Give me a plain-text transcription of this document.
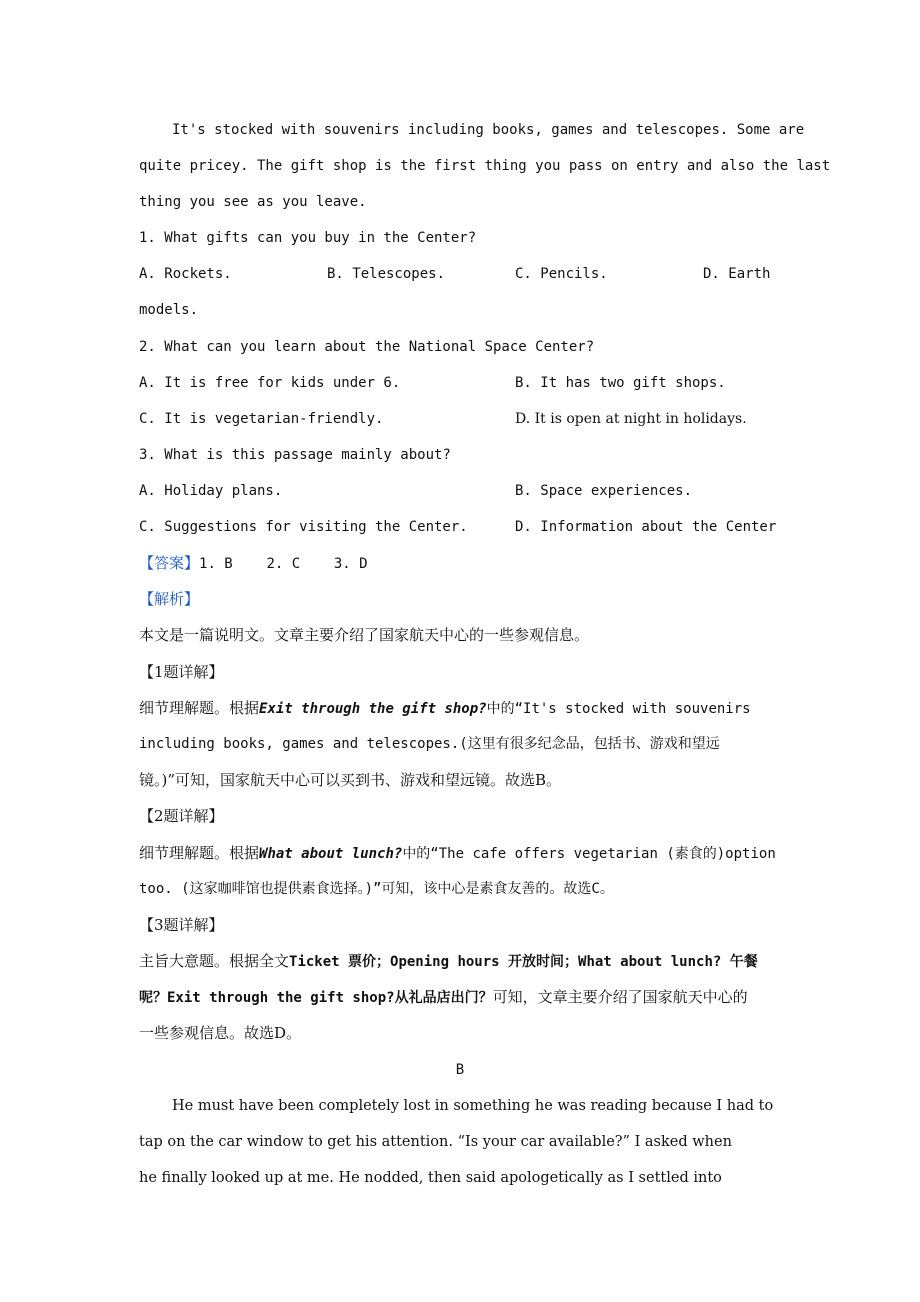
It's stocked with souvenirs including books, games and telescopes. Some are
quite pricey. The gift shop is the first thing you pass on entry and also the last
thing you see as you leave.
1. What gifts can you buy in the Center?
A. Rockets.	B. Telescopes.	C. Pencils.	D. Earth
models.
2. What can you learn about the National Space Center?
A. It is free for kids under 6.	B. It has two gift shops.
C. It is vegetarian-friendly.	D. It is open at night in holidays.
3. What is this passage mainly about?
A. Holiday plans.	B. Space experiences.
C. Suggestions for visiting the Center.	D. Information about the Center
【答案】1. B    2. C    3. D
【解析】
本文是一篇说明文。文章主要介绍了国家航天中心的一些参观信息。
【1题详解】
细节理解题。根据Exit through the gift shop?中的“It's stocked with souvenirs
including books, games and telescopes.(这里有很多纪念品，包括书、游戏和望远
镜。)”可知，国家航天中心可以买到书、游戏和望远镜。故选B。
【2题详解】
细节理解题。根据What about lunch?中的“The cafe offers vegetarian (素食的)option
too. (这家咖啡馆也提供素食选择。)”可知，该中心是素食友善的。故选C。
【3题详解】
主旨大意题。根据全文Ticket 票价；Opening hours 开放时间；What about lunch? 午餐
呢？Exit through the gift shop?从礼品店出门？可知，文章主要介绍了国家航天中心的
一些参观信息。故选D。
B
He must have been completely lost in something he was reading because I had to
tap on the car window to get his attention. “Is your car available?” I asked when
he finally looked up at me. He nodded, then said apologetically as I settled into
